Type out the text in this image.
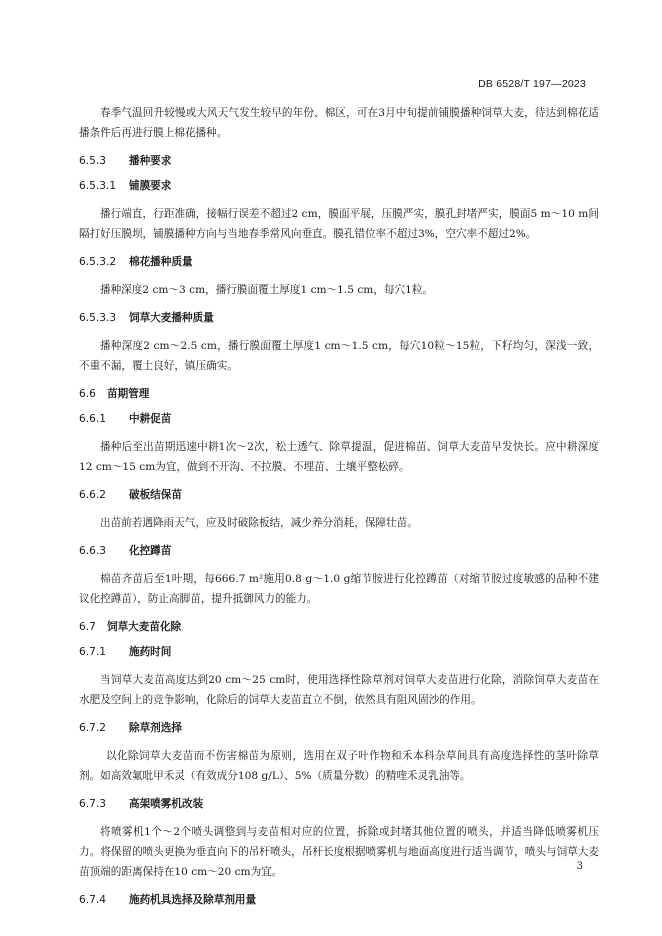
DB 6528/T 197—2023

春季气温回升较慢或大风天气发生较早的年份、棉区，可在3月中旬提前铺膜播种饲草大麦，待达到棉花适播条件后再进行膜上棉花播种。

6.5.3 播种要求
6.5.3.1 铺膜要求

播行端直，行距准确，接幅行误差不超过2 cm，膜面平展，压膜严实，膜孔封堵严实，膜面5 m～10 m间隔打好压膜坝，铺膜播种方向与当地春季常风向垂直。膜孔错位率不超过3%，空穴率不超过2%。

6.5.3.2 棉花播种质量

播种深度2 cm～3 cm，播行膜面覆土厚度1 cm～1.5 cm，每穴1粒。

6.5.3.3 饲草大麦播种质量

播种深度2 cm～2.5 cm，播行膜面覆土厚度1 cm～1.5 cm，每穴10粒～15粒，下籽均匀，深浅一致，不重不漏，覆土良好，镇压确实。

6.6 苗期管理
6.6.1 中耕促苗

播种后至出苗期迅速中耕1次～2次，松土透气、除草提温，促进棉苗、饲草大麦苗早发快长。应中耕深度12 cm～15 cm为宜，做到不开沟、不拉膜、不埋苗、土壤平整松碎。

6.6.2 破板结保苗

出苗前若遇降雨天气，应及时破除板结，减少养分消耗，保障壮苗。

6.6.3 化控蹲苗

棉苗齐苗后至1叶期，每666.7 m²施用0.8 g～1.0 g缩节胺进行化控蹲苗（对缩节胺过度敏感的品种不建议化控蹲苗），防止高脚苗，提升抵御风力的能力。

6.7 饲草大麦苗化除
6.7.1 施药时间

当饲草大麦苗高度达到20 cm～25 cm时，使用选择性除草剂对饲草大麦苗进行化除，消除饲草大麦苗在水肥及空间上的竞争影响，化除后的饲草大麦苗直立不倒，依然具有阻风固沙的作用。

6.7.2 除草剂选择

以化除饲草大麦苗而不伤害棉苗为原则，选用在双子叶作物和禾本科杂草间具有高度选择性的茎叶除草剂。如高效氟吡甲禾灵（有效成分108 g/L）、5%（质量分数）的精喹禾灵乳油等。

6.7.3 高架喷雾机改装

将喷雾机1个～2个喷头调整到与麦苗相对应的位置，拆除或封堵其他位置的喷头，并适当降低喷雾机压力。将保留的喷头更换为垂直向下的吊杆喷头，吊杆长度根据喷雾机与地面高度进行适当调节，喷头与饲草大麦苗顶端的距离保持在10 cm～20 cm为宜。

6.7.4 施药机具选择及除草剂用量
3
